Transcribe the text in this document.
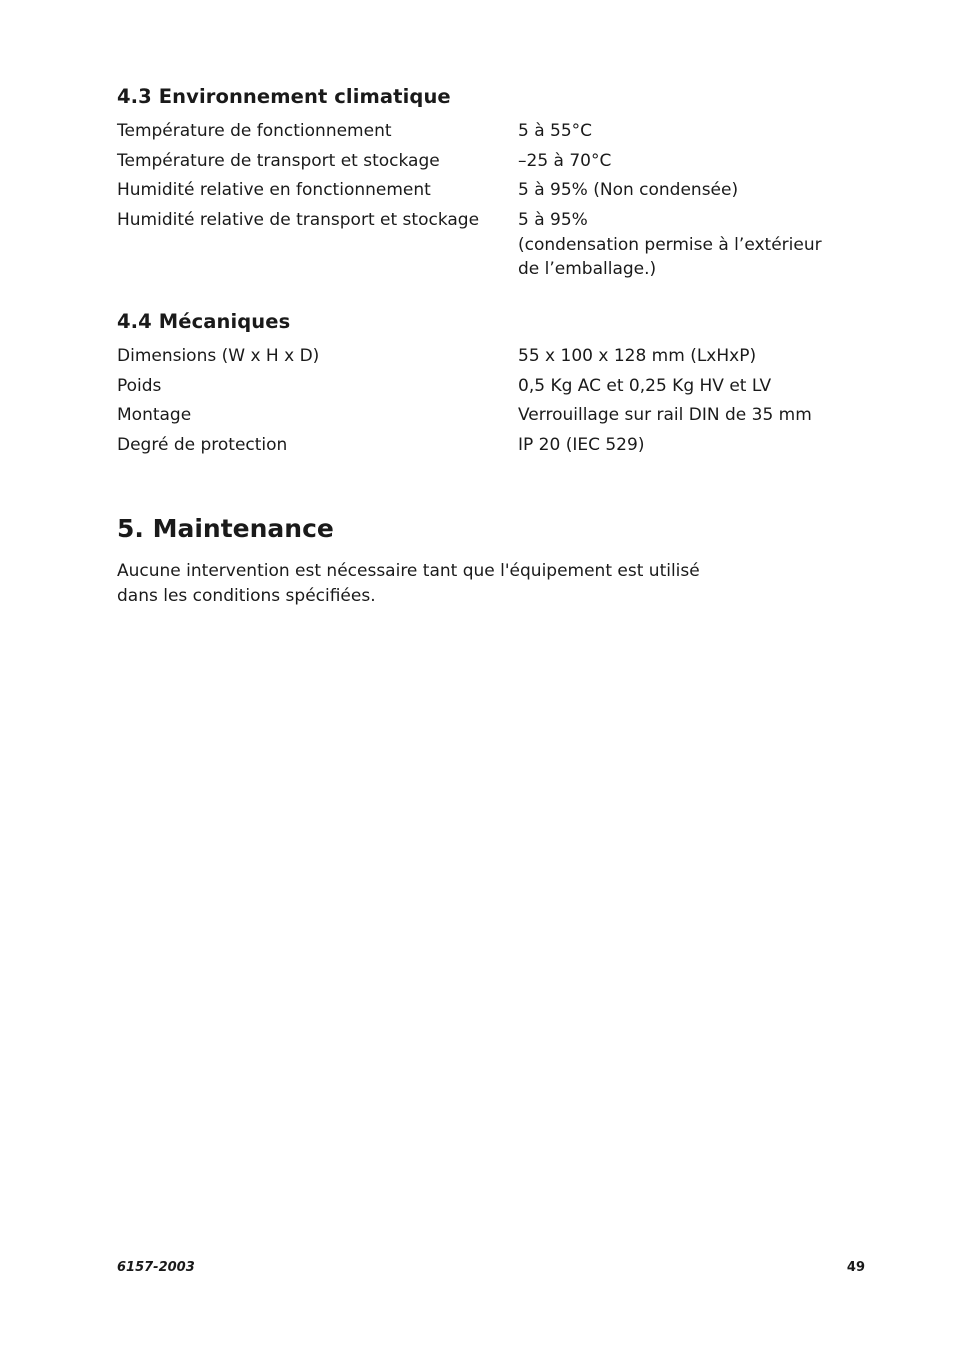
4.3 Environnement climatique
Température de fonctionnement	5 à 55°C
Température de transport et stockage	–25 à 70°C
Humidité relative en fonctionnement	5 à 95% (Non condensée)
Humidité relative de transport et stockage	5 à 95%
(condensation permise à l’extérieur
de l’emballage.)
4.4 Mécaniques
Dimensions (W x H x D)	55 x 100 x 128 mm (LxHxP)
Poids	0,5 Kg AC et 0,25 Kg HV et LV
Montage	Verrouillage sur rail DIN de 35 mm
Degré de protection	IP 20 (IEC 529)
5. Maintenance
Aucune intervention est nécessaire tant que l'équipement est utilisé
dans les conditions spécifiées.
6157-2003	49
